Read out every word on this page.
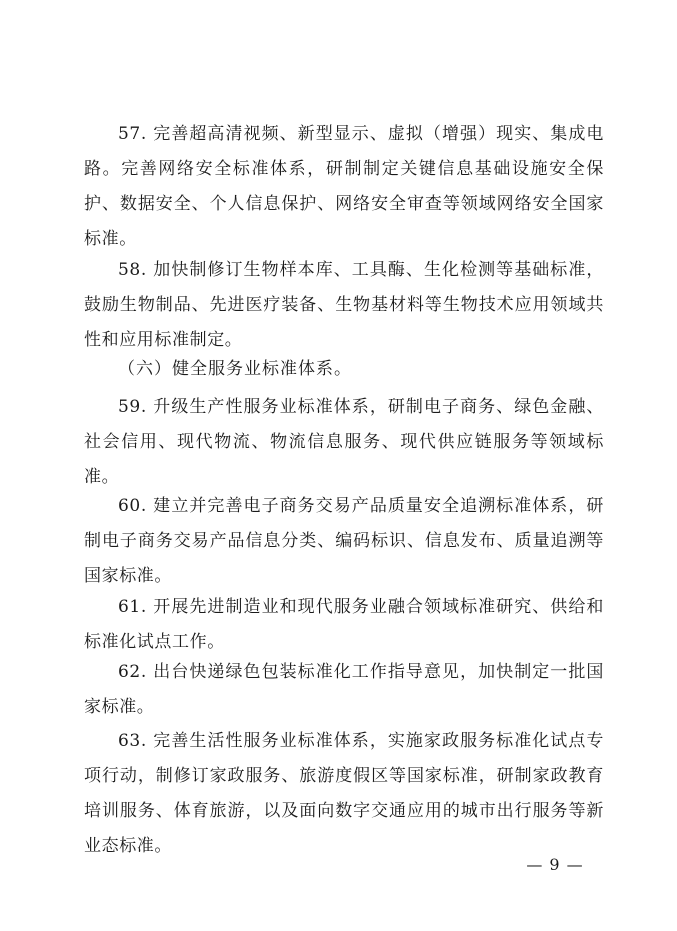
57. 完善超高清视频、新型显示、虚拟（增强）现实、集成电路。完善网络安全标准体系，研制制定关键信息基础设施安全保护、数据安全、个人信息保护、网络安全审查等领域网络安全国家标准。

58. 加快制修订生物样本库、工具酶、生化检测等基础标准，鼓励生物制品、先进医疗装备、生物基材料等生物技术应用领域共性和应用标准制定。

（六）健全服务业标准体系。

59. 升级生产性服务业标准体系，研制电子商务、绿色金融、社会信用、现代物流、物流信息服务、现代供应链服务等领域标准。

60. 建立并完善电子商务交易产品质量安全追溯标准体系，研制电子商务交易产品信息分类、编码标识、信息发布、质量追溯等国家标准。

61. 开展先进制造业和现代服务业融合领域标准研究、供给和标准化试点工作。

62. 出台快递绿色包装标准化工作指导意见，加快制定一批国家标准。

63. 完善生活性服务业标准体系，实施家政服务标准化试点专项行动，制修订家政服务、旅游度假区等国家标准，研制家政教育培训服务、体育旅游，以及面向数字交通应用的城市出行服务等新业态标准。

— 9 —
